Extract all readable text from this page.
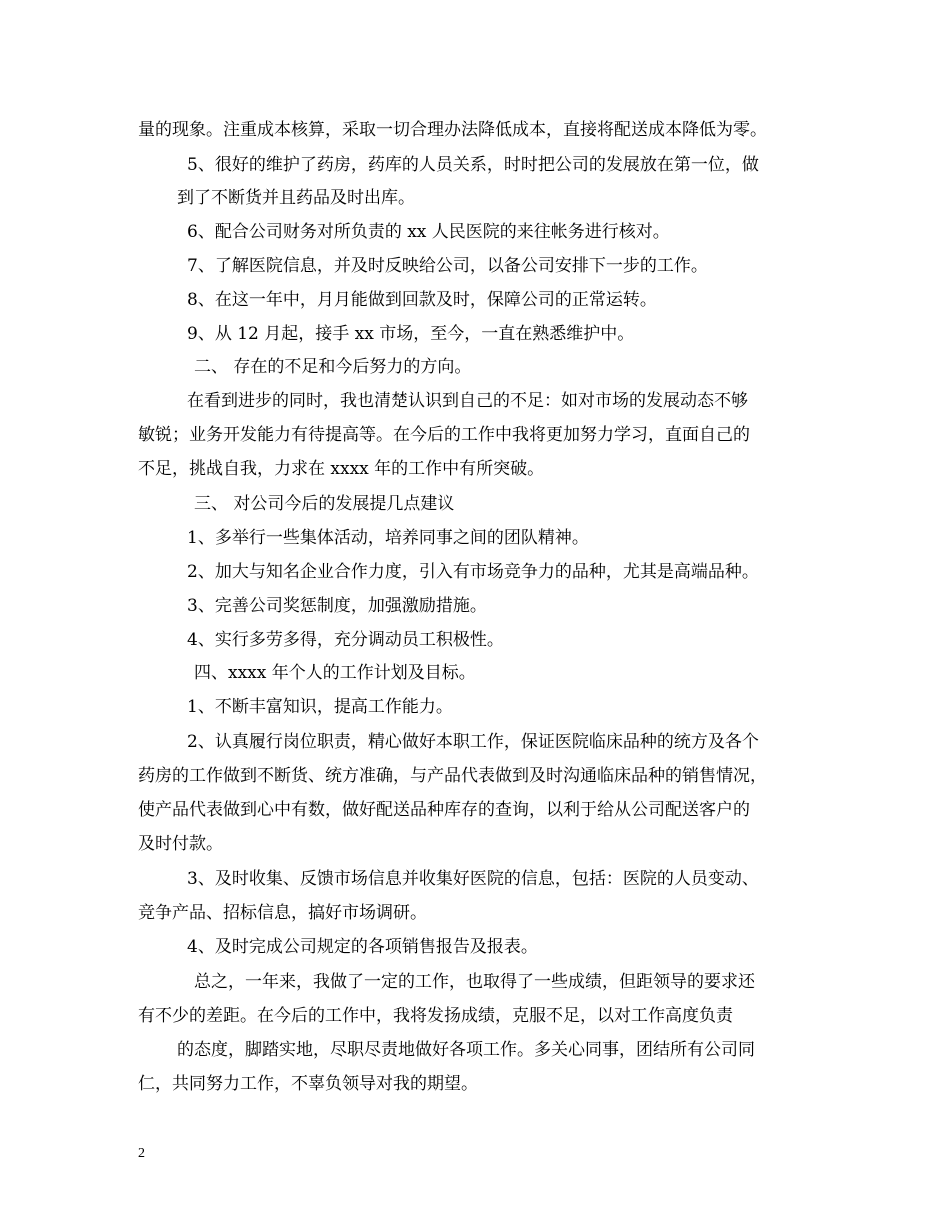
量的现象。注重成本核算，采取一切合理办法降低成本，直接将配送成本降低为零。
5、很好的维护了药房，药库的人员关系，时时把公司的发展放在第一位，做
到了不断货并且药品及时出库。
6、配合公司财务对所负责的 xx 人民医院的来往帐务进行核对。
7、了解医院信息，并及时反映给公司，以备公司安排下一步的工作。
8、在这一年中，月月能做到回款及时，保障公司的正常运转。
9、从 12 月起，接手 xx 市场，至今，一直在熟悉维护中。
二、 存在的不足和今后努力的方向。
在看到进步的同时，我也清楚认识到自己的不足：如对市场的发展动态不够
敏锐；业务开发能力有待提高等。在今后的工作中我将更加努力学习，直面自己的
不足，挑战自我，力求在 xxxx 年的工作中有所突破。
三、 对公司今后的发展提几点建议
1、多举行一些集体活动，培养同事之间的团队精神。
2、加大与知名企业合作力度，引入有市场竞争力的品种，尤其是高端品种。
3、完善公司奖惩制度，加强激励措施。
4、实行多劳多得，充分调动员工积极性。
四、xxxx 年个人的工作计划及目标。
1、不断丰富知识，提高工作能力。
2、认真履行岗位职责，精心做好本职工作，保证医院临床品种的统方及各个
药房的工作做到不断货、统方准确，与产品代表做到及时沟通临床品种的销售情况，
使产品代表做到心中有数，做好配送品种库存的查询，以利于给从公司配送客户的
及时付款。
3、及时收集、反馈市场信息并收集好医院的信息，包括：医院的人员变动、
竞争产品、招标信息，搞好市场调研。
4、及时完成公司规定的各项销售报告及报表。
总之，一年来，我做了一定的工作，也取得了一些成绩，但距领导的要求还
有不少的差距。在今后的工作中，我将发扬成绩，克服不足，以对工作高度负责
的态度，脚踏实地，尽职尽责地做好各项工作。多关心同事，团结所有公司同
仁，共同努力工作，不辜负领导对我的期望。
2
